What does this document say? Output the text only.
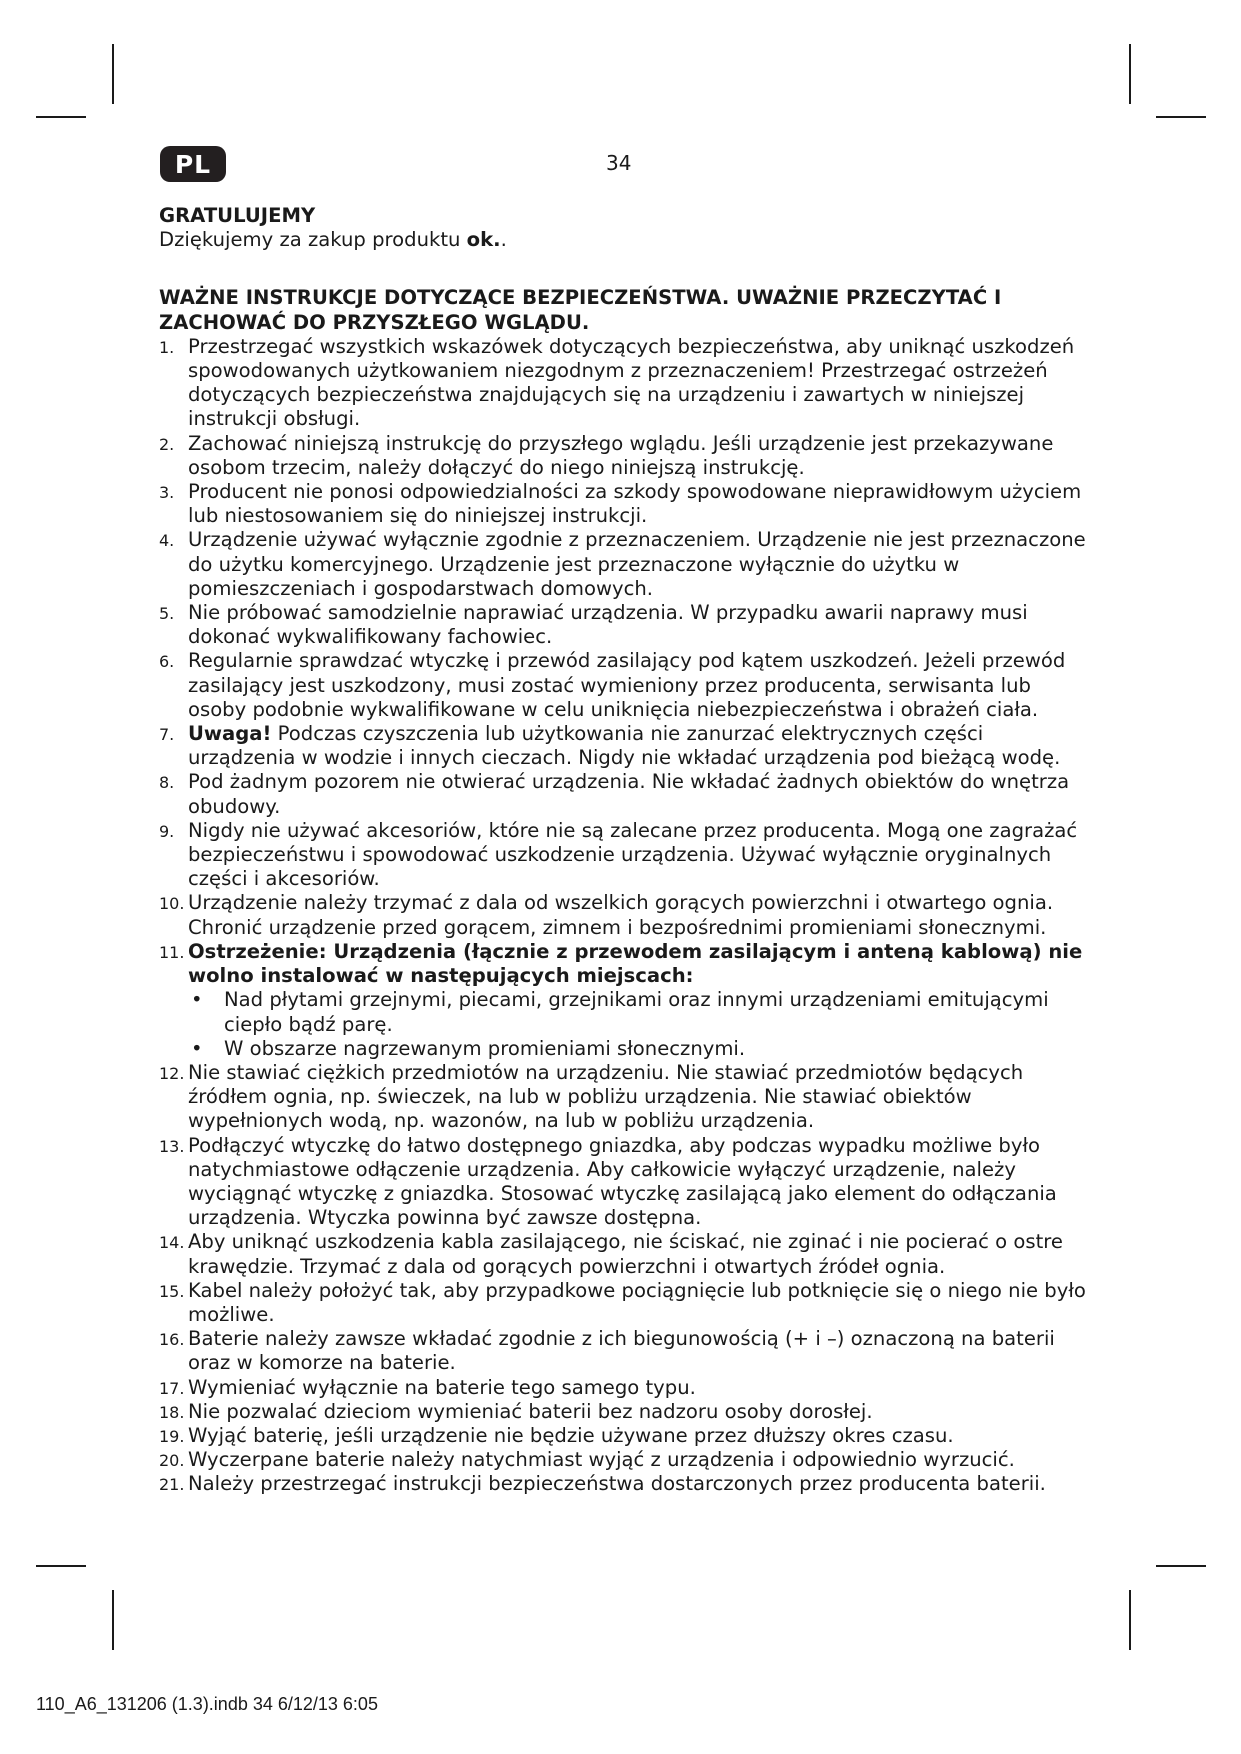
PL	34
GRATULUJEMY

Dziękujemy za zakup produktu ok..

WAŻNE INSTRUKCJE DOTYCZĄCE BEZPIECZEŃSTWA. UWAŻNIE PRZECZYTAĆ I ZACHOWAĆ DO PRZYSZŁEGO WGLĄDU.
1. Przestrzegać wszystkich wskazówek dotyczących bezpieczeństwa, aby uniknąć uszkodzeń spowodowanych użytkowaniem niezgodnym z przeznaczeniem! Przestrzegać ostrzeżeń dotyczących bezpieczeństwa znajdujących się na urządzeniu i zawartych w niniejszej instrukcji obsługi.
2. Zachować niniejszą instrukcję do przyszłego wglądu. Jeśli urządzenie jest przekazywane osobom trzecim, należy dołączyć do niego niniejszą instrukcję.
3. Producent nie ponosi odpowiedzialności za szkody spowodowane nieprawidłowym użyciem lub niestosowaniem się do niniejszej instrukcji.
4. Urządzenie używać wyłącznie zgodnie z przeznaczeniem. Urządzenie nie jest przeznaczone do użytku komercyjnego. Urządzenie jest przeznaczone wyłącznie do użytku w pomieszczeniach i gospodarstwach domowych.
5. Nie próbować samodzielnie naprawiać urządzenia. W przypadku awarii naprawy musi dokonać wykwalifikowany fachowiec.
6. Regularnie sprawdzać wtyczkę i przewód zasilający pod kątem uszkodzeń. Jeżeli przewód zasilający jest uszkodzony, musi zostać wymieniony przez producenta, serwisanta lub osoby podobnie wykwalifikowane w celu uniknięcia niebezpieczeństwa i obrażeń ciała.
7. Uwaga! Podczas czyszczenia lub użytkowania nie zanurzać elektrycznych części urządzenia w wodzie i innych cieczach. Nigdy nie wkładać urządzenia pod bieżącą wodę.
8. Pod żadnym pozorem nie otwierać urządzenia. Nie wkładać żadnych obiektów do wnętrza obudowy.
9. Nigdy nie używać akcesoriów, które nie są zalecane przez producenta. Mogą one zagrażać bezpieczeństwu i spowodować uszkodzenie urządzenia. Używać wyłącznie oryginalnych części i akcesoriów.
10. Urządzenie należy trzymać z dala od wszelkich gorących powierzchni i otwartego ognia. Chronić urządzenie przed gorącem, zimnem i bezpośrednimi promieniami słonecznymi.
11. Ostrzeżenie: Urządzenia (łącznie z przewodem zasilającym i anteną kablową) nie wolno instalować w następujących miejscach:
• Nad płytami grzejnymi, piecami, grzejnikami oraz innymi urządzeniami emitującymi ciepło bądź parę.
• W obszarze nagrzewanym promieniami słonecznymi.
12. Nie stawiać ciężkich przedmiotów na urządzeniu. Nie stawiać przedmiotów będących źródłem ognia, np. świeczek, na lub w pobliżu urządzenia. Nie stawiać obiektów wypełnionych wodą, np. wazonów, na lub w pobliżu urządzenia.
13. Podłączyć wtyczkę do łatwo dostępnego gniazdka, aby podczas wypadku możliwe było natychmiastowe odłączenie urządzenia. Aby całkowicie wyłączyć urządzenie, należy wyciągnąć wtyczkę z gniazdka. Stosować wtyczkę zasilającą jako element do odłączania urządzenia. Wtyczka powinna być zawsze dostępna.
14. Aby uniknąć uszkodzenia kabla zasilającego, nie ściskać, nie zginać i nie pocierać o ostre krawędzie. Trzymać z dala od gorących powierzchni i otwartych źródeł ognia.
15. Kabel należy położyć tak, aby przypadkowe pociągnięcie lub potknięcie się o niego nie było możliwe.
16. Baterie należy zawsze wkładać zgodnie z ich biegunowością (+ i –) oznaczoną na baterii oraz w komorze na baterie.
17. Wymieniać wyłącznie na baterie tego samego typu.
18. Nie pozwalać dzieciom wymieniać baterii bez nadzoru osoby dorosłej.
19. Wyjąć baterię, jeśli urządzenie nie będzie używane przez dłuższy okres czasu.
20. Wyczerpane baterie należy natychmiast wyjąć z urządzenia i odpowiednio wyrzucić.
21. Należy przestrzegać instrukcji bezpieczeństwa dostarczonych przez producenta baterii.
110_A6_131206 (1.3).indb 34 6/12/13 6:05
